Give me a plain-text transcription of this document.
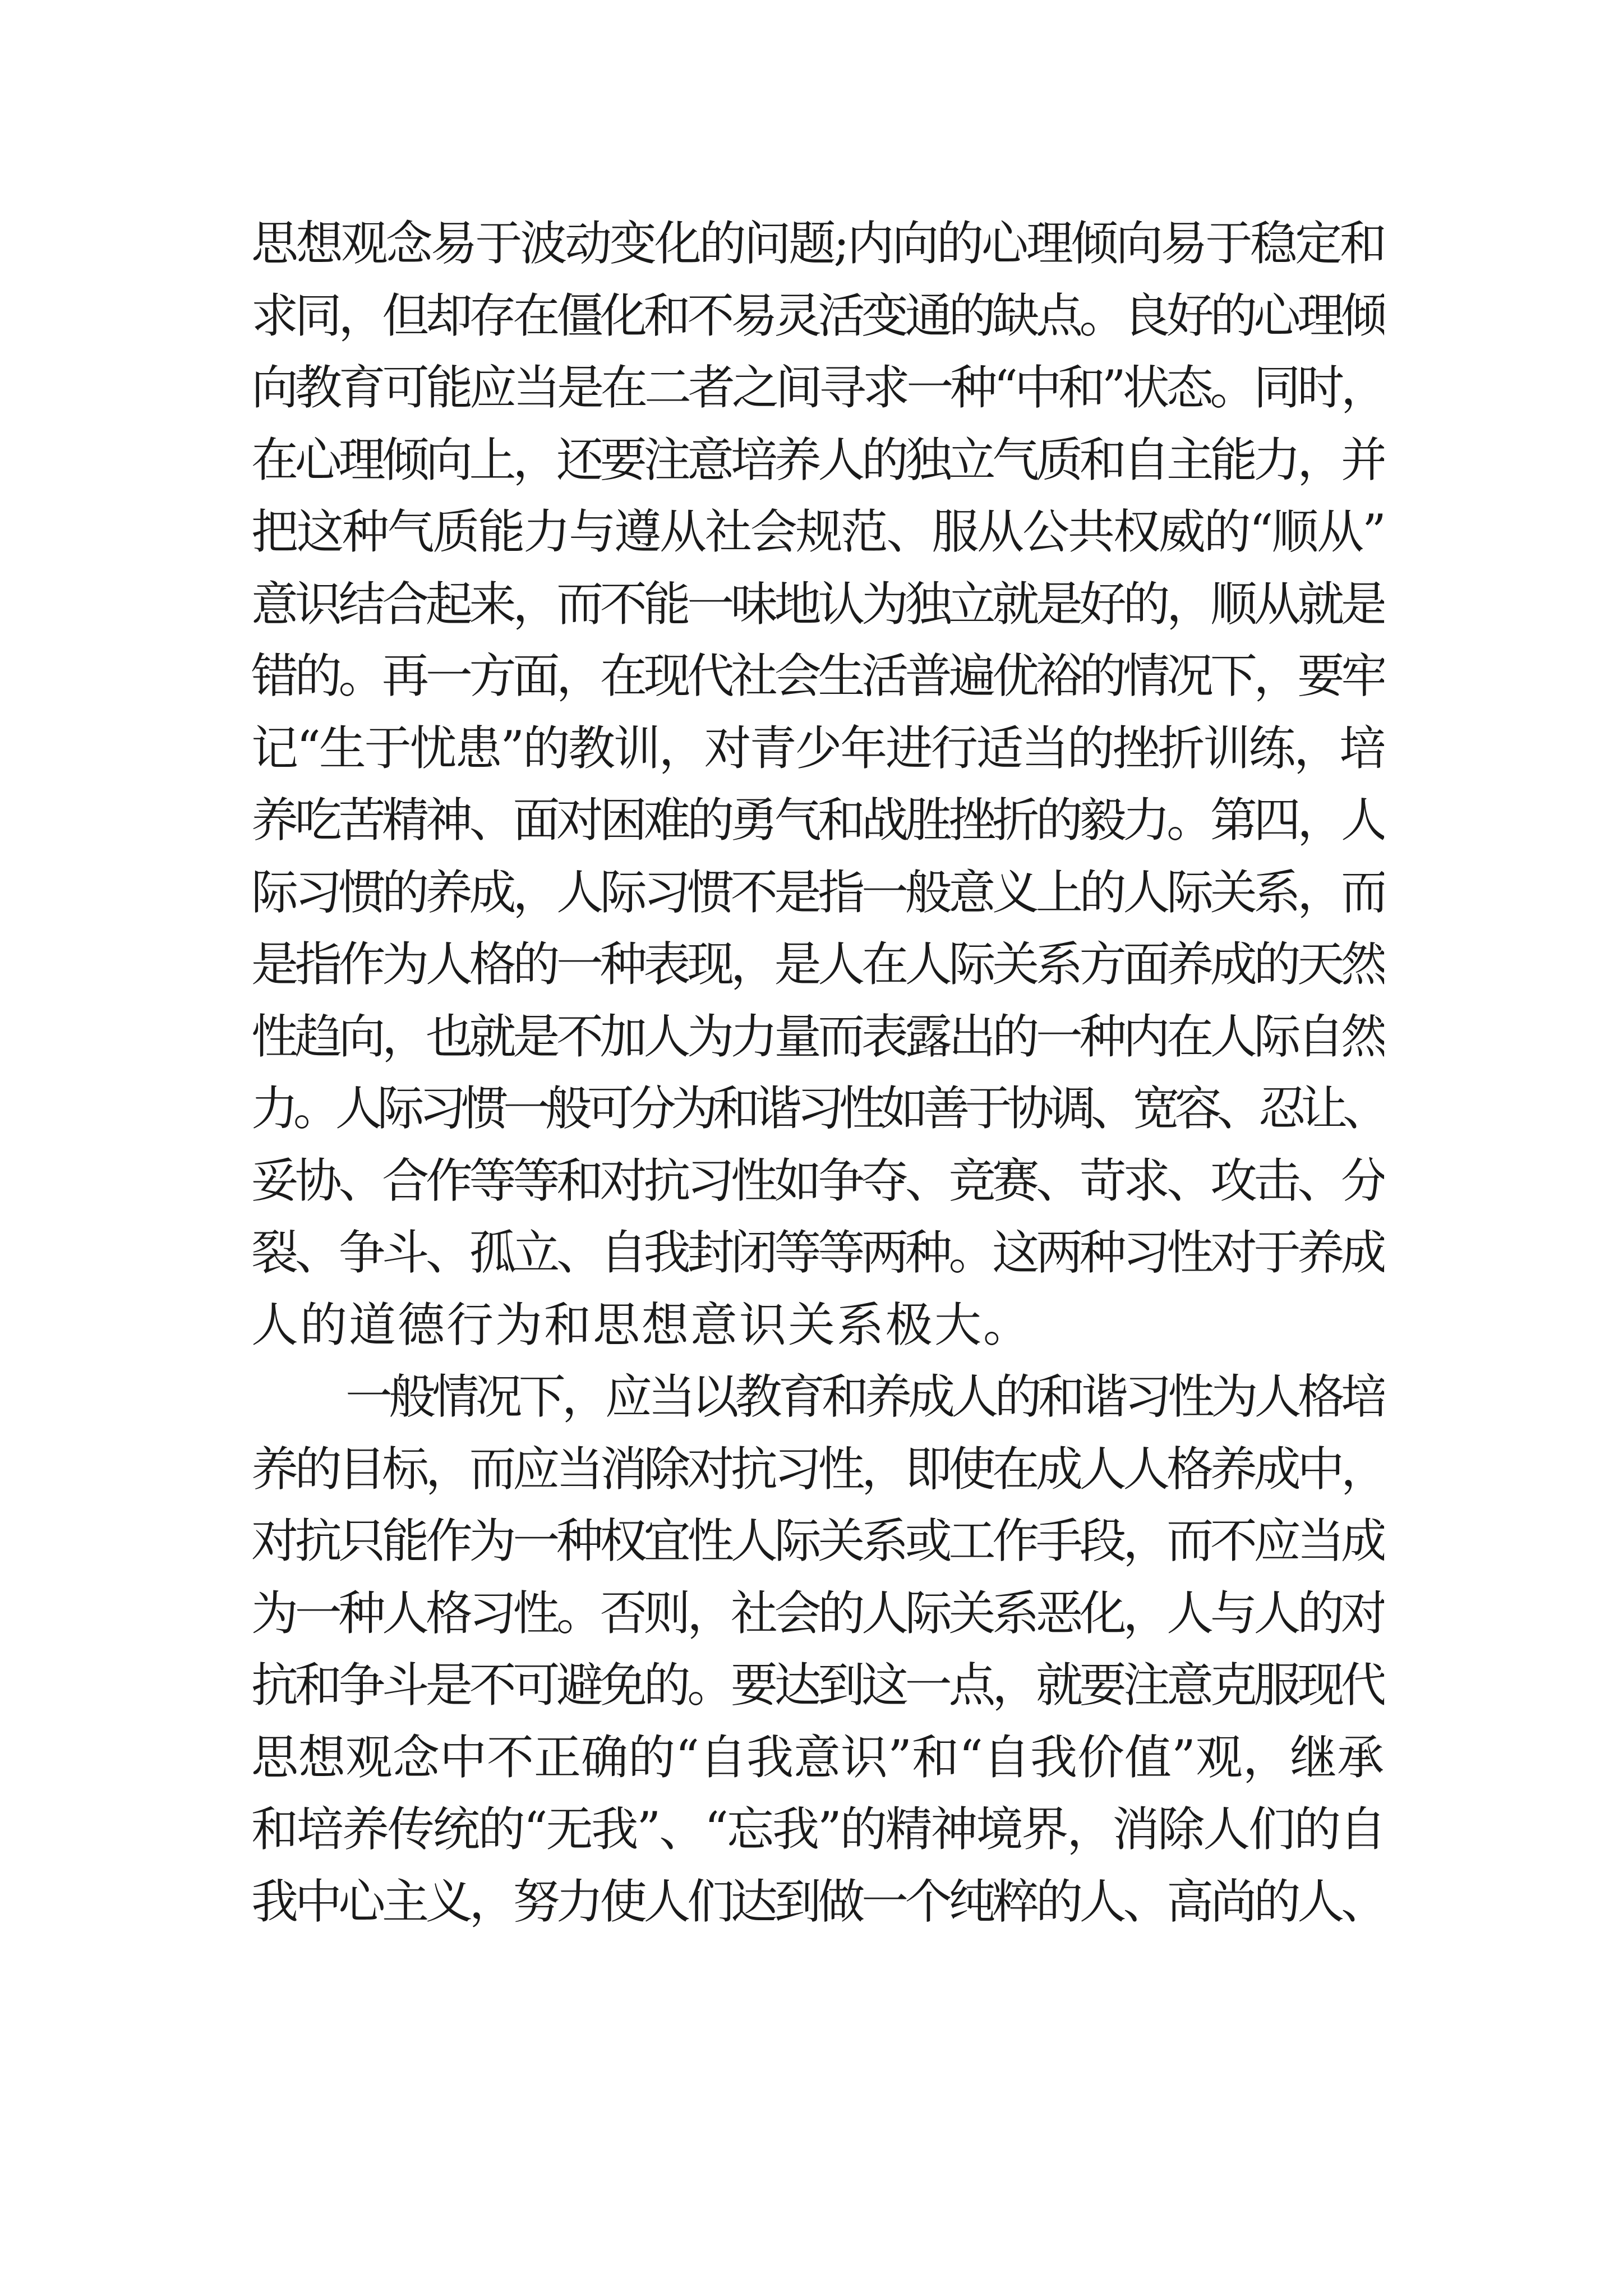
思想观念易于波动变化的问题;内向的心理倾向易于稳定和
求同，但却存在僵化和不易灵活变通的缺点。良好的心理倾
向教育可能应当是在二者之间寻求一种“中和”状态。同时，
在心理倾向上，还要注意培养人的独立气质和自主能力，并
把这种气质能力与遵从社会规范、服从公共权威的“顺从”
意识结合起来，而不能一味地认为独立就是好的，顺从就是
错的。再一方面，在现代社会生活普遍优裕的情况下，要牢
记“生于忧患”的教训，对青少年进行适当的挫折训练，培
养吃苦精神、面对困难的勇气和战胜挫折的毅力。第四，人
际习惯的养成，人际习惯不是指一般意义上的人际关系，而
是指作为人格的一种表现，是人在人际关系方面养成的天然
性趋向，也就是不加人为力量而表露出的一种内在人际自然
力。人际习惯一般可分为和谐习性如善于协调、宽容、忍让、
妥协、合作等等和对抗习性如争夺、竞赛、苛求、攻击、分
裂、争斗、孤立、自我封闭等等两种。这两种习性对于养成
人的道德行为和思想意识关系极大。
一般情况下，应当以教育和养成人的和谐习性为人格培
养的目标，而应当消除对抗习性，即使在成人人格养成中，
对抗只能作为一种权宜性人际关系或工作手段，而不应当成
为一种人格习性。否则，社会的人际关系恶化，人与人的对
抗和争斗是不可避免的。要达到这一点，就要注意克服现代
思想观念中不正确的“自我意识”和“自我价值”观，继承
和培养传统的“无我”、“忘我”的精神境界，消除人们的自
我中心主义，努力使人们达到做一个纯粹的人、高尚的人、
